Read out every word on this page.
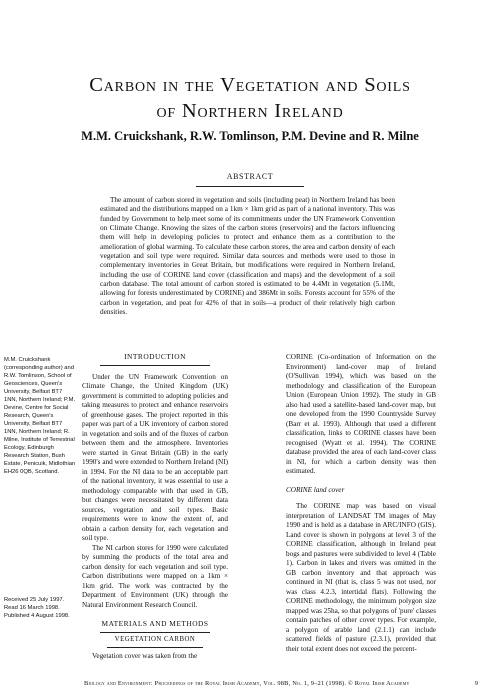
Carbon in the Vegetation and Soils
of Northern Ireland
M.M. Cruickshank, R.W. Tomlinson, P.M. Devine and R. Milne
ABSTRACT
The amount of carbon stored in vegetation and soils (including peat) in Northern Ireland has been estimated and the distributions mapped on a 1km × 1km grid as part of a national inventory. This was funded by Government to help meet some of its commitments under the UN Framework Convention on Climate Change. Knowing the sizes of the carbon stores (reservoirs) and the factors influencing them will help in developing policies to protect and enhance them as a contribution to the amelioration of global warming. To calculate these carbon stores, the area and carbon density of each vegetation and soil type were required. Similar data sources and methods were used to those in complementary inventories in Great Britain, but modifications were required in Northern Ireland, including the use of CORINE land cover (classification and maps) and the development of a soil carbon database. The total amount of carbon stored is estimated to be 4.4Mt in vegetation (5.1Mt, allowing for forests underestimated by CORINE) and 386Mt in soils. Forests account for 55% of the carbon in vegetation, and peat for 42% of that in soils—a product of their relatively high carbon densities.
M.M. Cruickshank (corresponding author) and R.W. Tomlinson, School of Geosciences, Queen's University, Belfast BT7 1NN, Northern Ireland; P.M. Devine, Centre for Social Research, Queen's University, Belfast BT7 1NN, Northern Ireland; R. Milne, Institute of Terrestrial Ecology, Edinburgh Research Station, Bush Estate, Penicuik, Midlothian EH26 0QB, Scotland.
Received 25 July 1997. Read 16 March 1998. Published 4 August 1998.
INTRODUCTION

Under the UN Framework Convention on Climate Change, the United Kingdom (UK) government is committed to adopting policies and taking measures to protect and enhance reservoirs of greenhouse gases. The project reported in this paper was part of a UK inventory of carbon stored in vegetation and soils and of the fluxes of carbon between them and the atmosphere. Inventories were started in Great Britain (GB) in the early 1990's and were extended to Northern Ireland (NI) in 1994. For the NI data to be an acceptable part of the national inventory, it was essential to use a methodology comparable with that used in GB, but changes were necessitated by different data sources, vegetation and soil types. Basic requirements were to know the extent of, and obtain a carbon density for, each vegetation and soil type.

The NI carbon stores for 1990 were calculated by summing the products of the total area and carbon density for each vegetation and soil type. Carbon distributions were mapped on a 1km × 1km grid. The work was contracted by the Department of Environment (UK) through the Natural Environment Research Council.

MATERIALS AND METHODS
VEGETATION CARBON

Vegetation cover was taken from the

CORINE (Co-ordination of Information on the Environment) land-cover map of Ireland (O'Sullivan 1994), which was based on the methodology and classification of the European Union (European Union 1992). The study in GB also had used a satellite-based land-cover map, but one developed from the 1990 Countryside Survey (Barr et al. 1993). Although that used a different classification, links to CORINE classes have been recognised (Wyatt et al. 1994). The CORINE database provided the area of each land-cover class in NI, for which a carbon density was then estimated.

CORINE land cover

The CORINE map was based on visual interpretation of LANDSAT TM images of May 1990 and is held as a database in ARC/INFO (GIS). Land cover is shown in polygons at level 3 of the CORINE classification, although in Ireland peat bogs and pastures were subdivided to level 4 (Table 1). Carbon in lakes and rivers was omitted in the GB carbon inventory and that approach was continued in NI (that is, class 5 was not used, nor was class 4.2.3, intertidal flats). Following the CORINE methodology, the minimum polygon size mapped was 25ha, so that polygons of 'pure' classes contain patches of other cover types. For example, a polygon of arable land (2.1.1) can include scattered fields of pasture (2.3.1), provided that their total extent does not exceed the percent-

Biology and Environment: Proceedings of the Royal Irish Academy, Vol. 98B, No. 1, 9–21 (1998). © Royal Irish Academy	9
